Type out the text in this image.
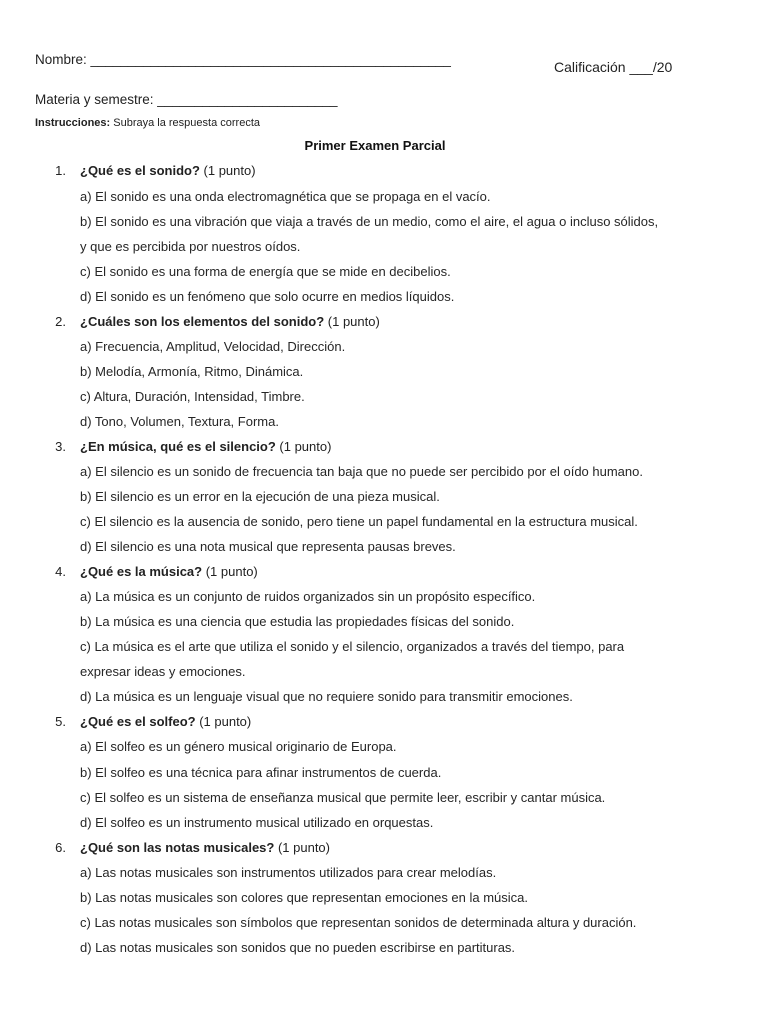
Nombre: ________________________________________________	Calificación ___/20
Materia y semestre: ________________________
Instrucciones: Subraya la respuesta correcta
Primer Examen Parcial
1. ¿Qué es el sonido? (1 punto)
a) El sonido es una onda electromagnética que se propaga en el vacío.
b) El sonido es una vibración que viaja a través de un medio, como el aire, el agua o incluso sólidos,
y que es percibida por nuestros oídos.
c) El sonido es una forma de energía que se mide en decibelios.
d) El sonido es un fenómeno que solo ocurre en medios líquidos.
2. ¿Cuáles son los elementos del sonido? (1 punto)
a) Frecuencia, Amplitud, Velocidad, Dirección.
b) Melodía, Armonía, Ritmo, Dinámica.
c) Altura, Duración, Intensidad, Timbre.
d) Tono, Volumen, Textura, Forma.
3. ¿En música, qué es el silencio? (1 punto)
a) El silencio es un sonido de frecuencia tan baja que no puede ser percibido por el oído humano.
b) El silencio es un error en la ejecución de una pieza musical.
c) El silencio es la ausencia de sonido, pero tiene un papel fundamental en la estructura musical.
d) El silencio es una nota musical que representa pausas breves.
4. ¿Qué es la música? (1 punto)
a) La música es un conjunto de ruidos organizados sin un propósito específico.
b) La música es una ciencia que estudia las propiedades físicas del sonido.
c) La música es el arte que utiliza el sonido y el silencio, organizados a través del tiempo, para
expresar ideas y emociones.
d) La música es un lenguaje visual que no requiere sonido para transmitir emociones.
5. ¿Qué es el solfeo? (1 punto)
a) El solfeo es un género musical originario de Europa.
b) El solfeo es una técnica para afinar instrumentos de cuerda.
c) El solfeo es un sistema de enseñanza musical que permite leer, escribir y cantar música.
d) El solfeo es un instrumento musical utilizado en orquestas.
6. ¿Qué son las notas musicales? (1 punto)
a) Las notas musicales son instrumentos utilizados para crear melodías.
b) Las notas musicales son colores que representan emociones en la música.
c) Las notas musicales son símbolos que representan sonidos de determinada altura y duración.
d) Las notas musicales son sonidos que no pueden escribirse en partituras.
